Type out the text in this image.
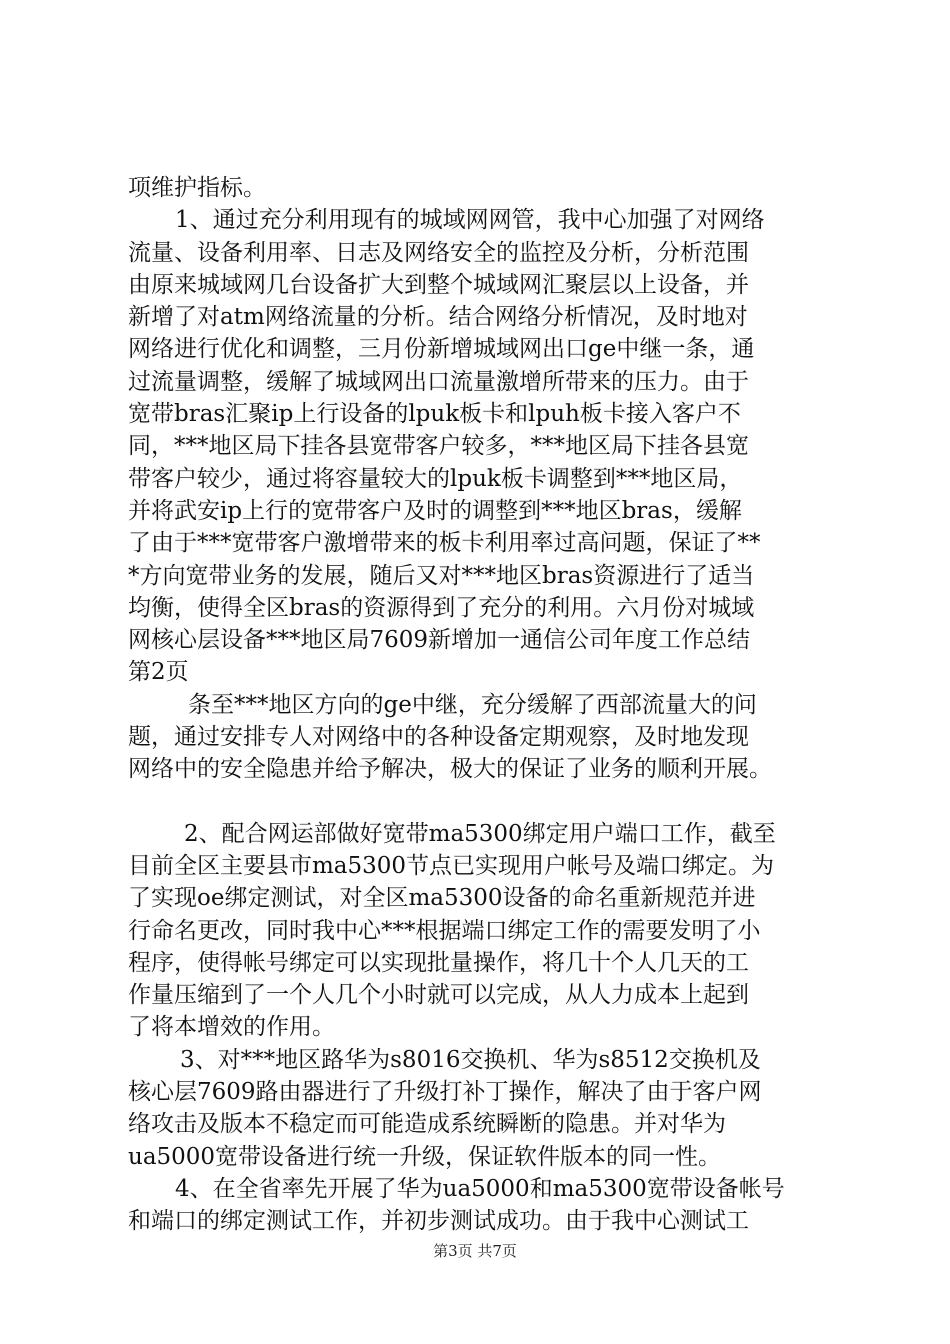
项维护指标。
1、通过充分利用现有的城域网网管，我中心加强了对网络
流量、设备利用率、日志及网络安全的监控及分析，分析范围
由原来城域网几台设备扩大到整个城域网汇聚层以上设备，并
新增了对atm网络流量的分析。结合网络分析情况，及时地对
网络进行优化和调整，三月份新增城域网出口ge中继一条，通
过流量调整，缓解了城域网出口流量激增所带来的压力。由于
宽带bras汇聚ip上行设备的lpuk板卡和lpuh板卡接入客户不
同，***地区局下挂各县宽带客户较多，***地区局下挂各县宽
带客户较少，通过将容量较大的lpuk板卡调整到***地区局，
并将武安ip上行的宽带客户及时的调整到***地区bras，缓解
了由于***宽带客户激增带来的板卡利用率过高问题，保证了**
*方向宽带业务的发展，随后又对***地区bras资源进行了适当
均衡，使得全区bras的资源得到了充分的利用。六月份对城域
网核心层设备***地区局7609新增加一通信公司年度工作总结
第2页
条至***地区方向的ge中继，充分缓解了西部流量大的问
题，通过安排专人对网络中的各种设备定期观察，及时地发现
网络中的安全隐患并给予解决，极大的保证了业务的顺利开展。
2、配合网运部做好宽带ma5300绑定用户端口工作，截至
目前全区主要县市ma5300节点已实现用户帐号及端口绑定。为
了实现oe绑定测试，对全区ma5300设备的命名重新规范并进
行命名更改，同时我中心***根据端口绑定工作的需要发明了小
程序，使得帐号绑定可以实现批量操作，将几十个人几天的工
作量压缩到了一个人几个小时就可以完成，从人力成本上起到
了将本增效的作用。
3、对***地区路华为s8016交换机、华为s8512交换机及
核心层7609路由器进行了升级打补丁操作，解决了由于客户网
络攻击及版本不稳定而可能造成系统瞬断的隐患。并对华为
ua5000宽带设备进行统一升级，保证软件版本的同一性。
4、在全省率先开展了华为ua5000和ma5300宽带设备帐号
和端口的绑定测试工作，并初步测试成功。由于我中心测试工
第3页 共7页
